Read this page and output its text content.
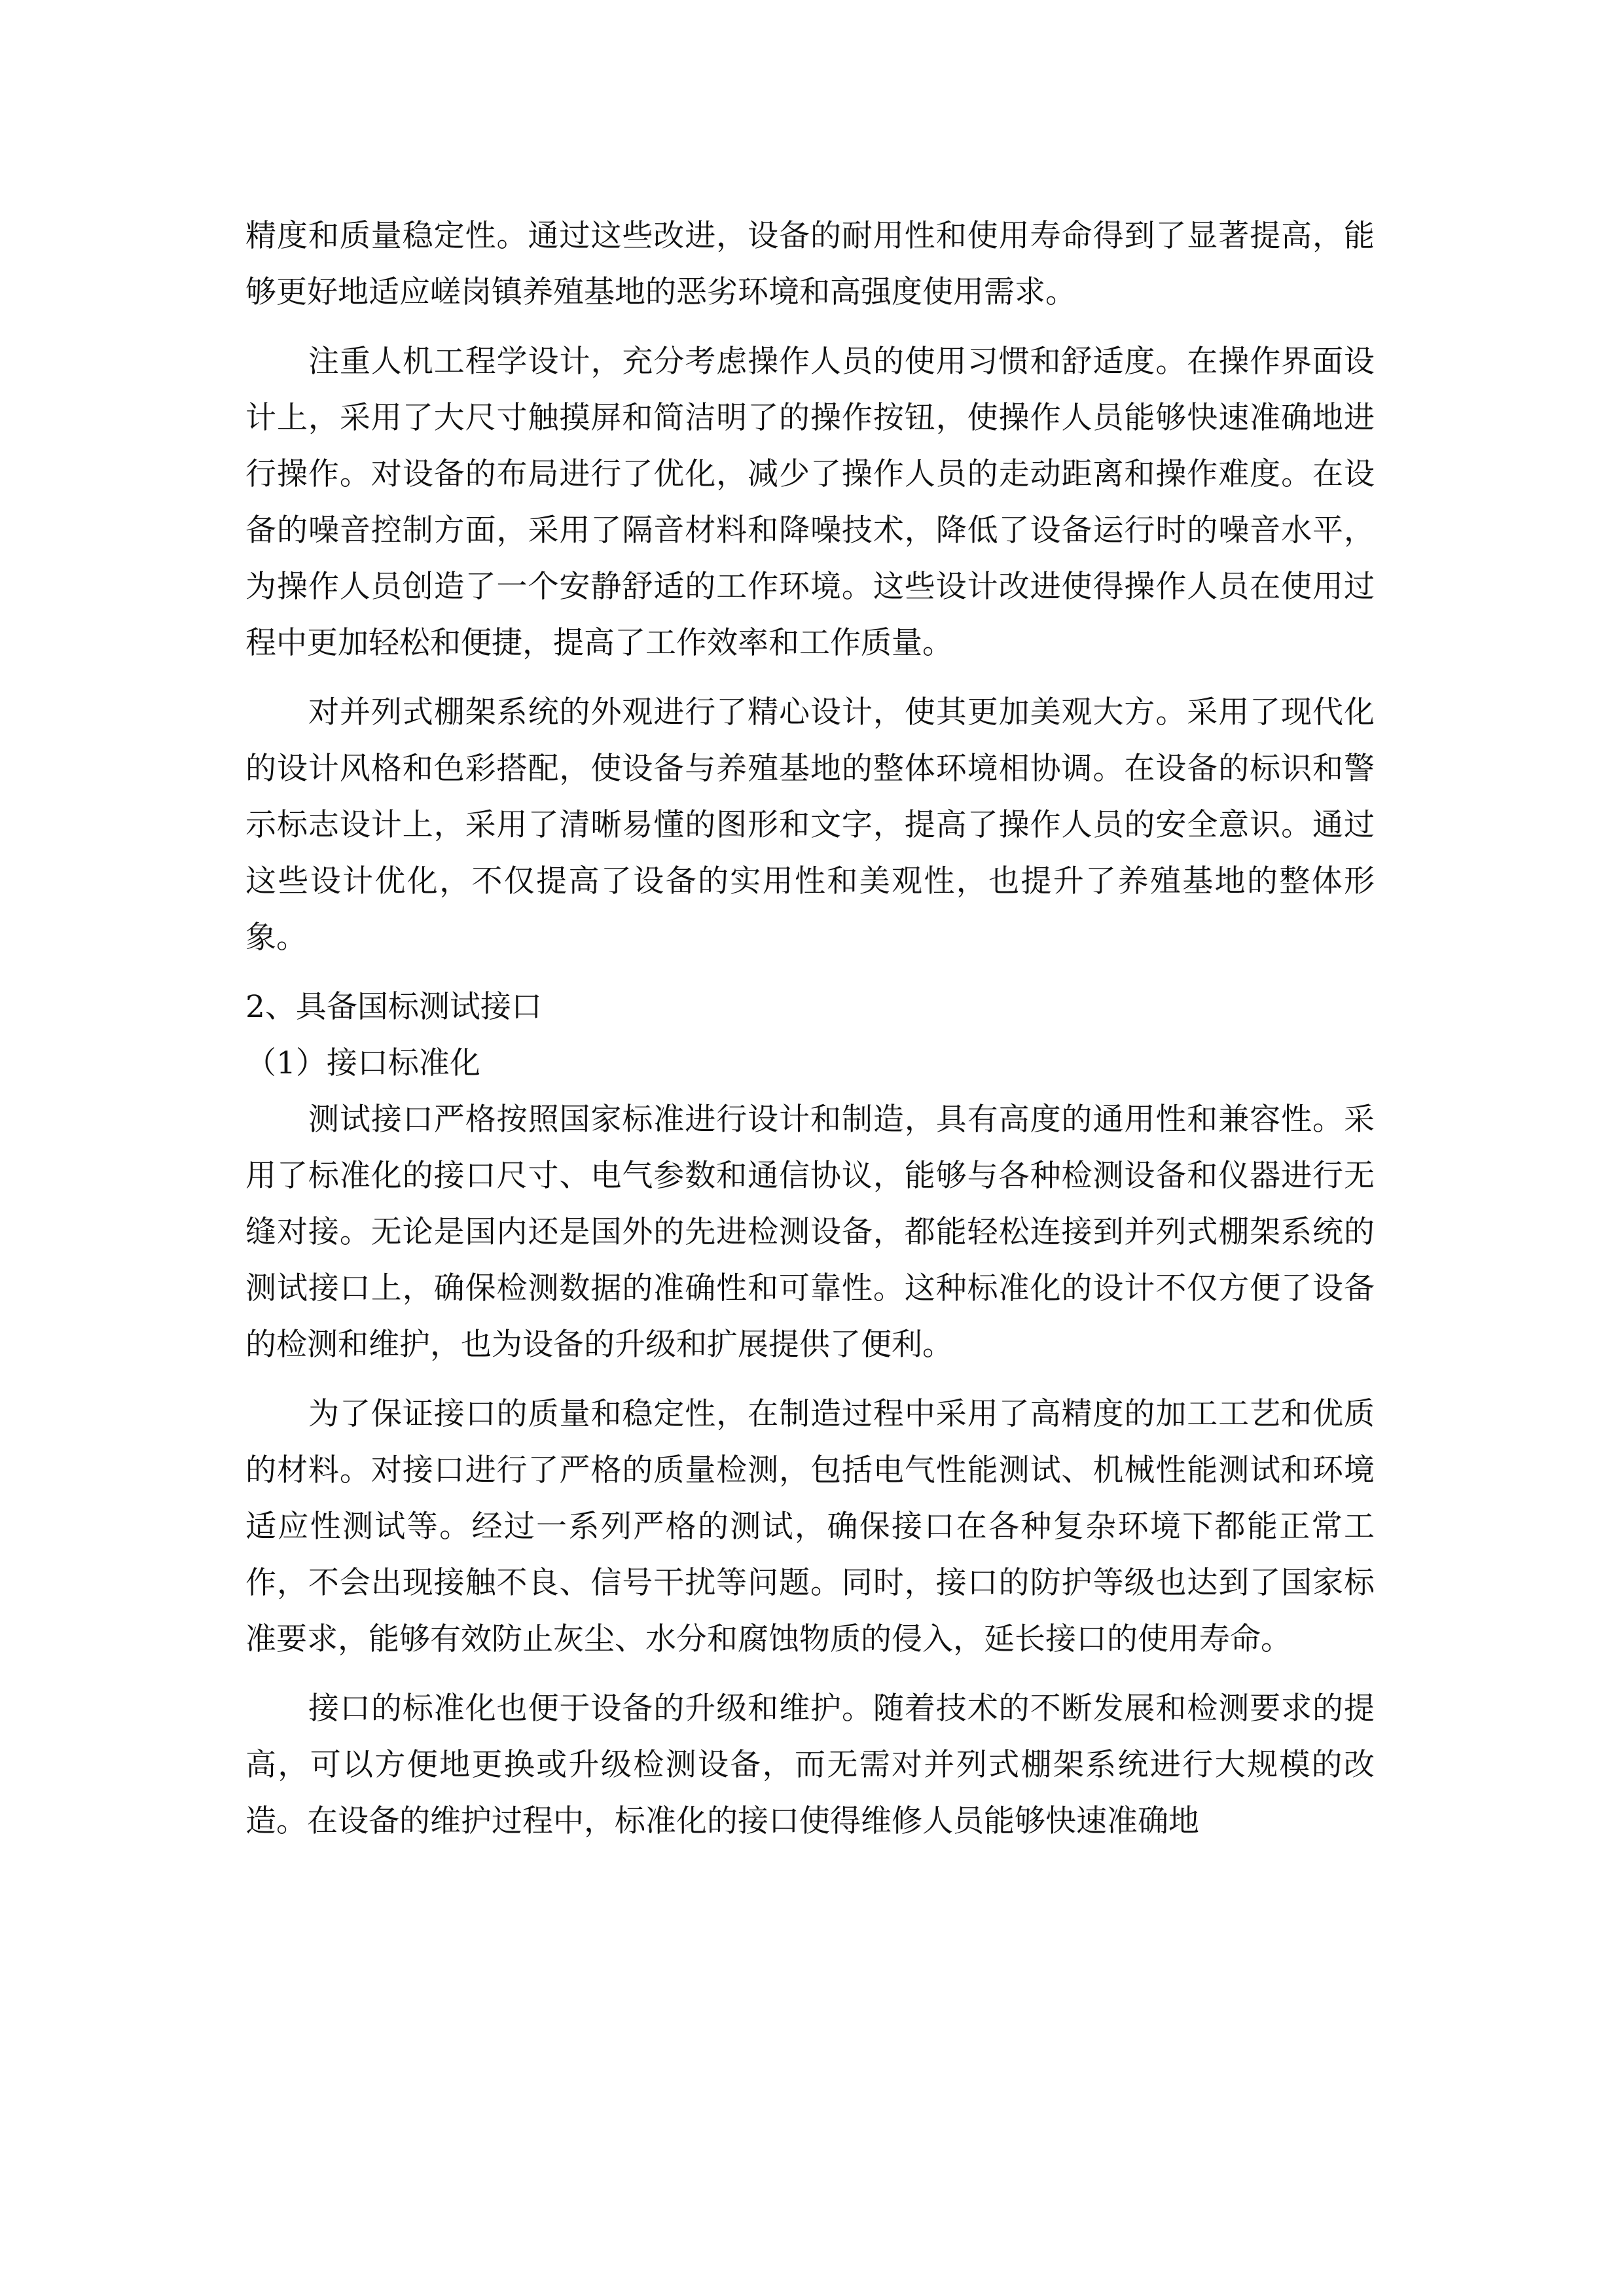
精度和质量稳定性。通过这些改进，设备的耐用性和使用寿命得到了显著提高，能够更好地适应嵯岗镇养殖基地的恶劣环境和高强度使用需求。

注重人机工程学设计，充分考虑操作人员的使用习惯和舒适度。在操作界面设计上，采用了大尺寸触摸屏和简洁明了的操作按钮，使操作人员能够快速准确地进行操作。对设备的布局进行了优化，减少了操作人员的走动距离和操作难度。在设备的噪音控制方面，采用了隔音材料和降噪技术，降低了设备运行时的噪音水平，为操作人员创造了一个安静舒适的工作环境。这些设计改进使得操作人员在使用过程中更加轻松和便捷，提高了工作效率和工作质量。

对并列式棚架系统的外观进行了精心设计，使其更加美观大方。采用了现代化的设计风格和色彩搭配，使设备与养殖基地的整体环境相协调。在设备的标识和警示标志设计上，采用了清晰易懂的图形和文字，提高了操作人员的安全意识。通过这些设计优化，不仅提高了设备的实用性和美观性，也提升了养殖基地的整体形象。

2、具备国标测试接口

（1）接口标准化

测试接口严格按照国家标准进行设计和制造，具有高度的通用性和兼容性。采用了标准化的接口尺寸、电气参数和通信协议，能够与各种检测设备和仪器进行无缝对接。无论是国内还是国外的先进检测设备，都能轻松连接到并列式棚架系统的测试接口上，确保检测数据的准确性和可靠性。这种标准化的设计不仅方便了设备的检测和维护，也为设备的升级和扩展提供了便利。

为了保证接口的质量和稳定性，在制造过程中采用了高精度的加工工艺和优质的材料。对接口进行了严格的质量检测，包括电气性能测试、机械性能测试和环境适应性测试等。经过一系列严格的测试，确保接口在各种复杂环境下都能正常工作，不会出现接触不良、信号干扰等问题。同时，接口的防护等级也达到了国家标准要求，能够有效防止灰尘、水分和腐蚀物质的侵入，延长接口的使用寿命。

接口的标准化也便于设备的升级和维护。随着技术的不断发展和检测要求的提高，可以方便地更换或升级检测设备，而无需对并列式棚架系统进行大规模的改造。在设备的维护过程中，标准化的接口使得维修人员能够快速准确地
